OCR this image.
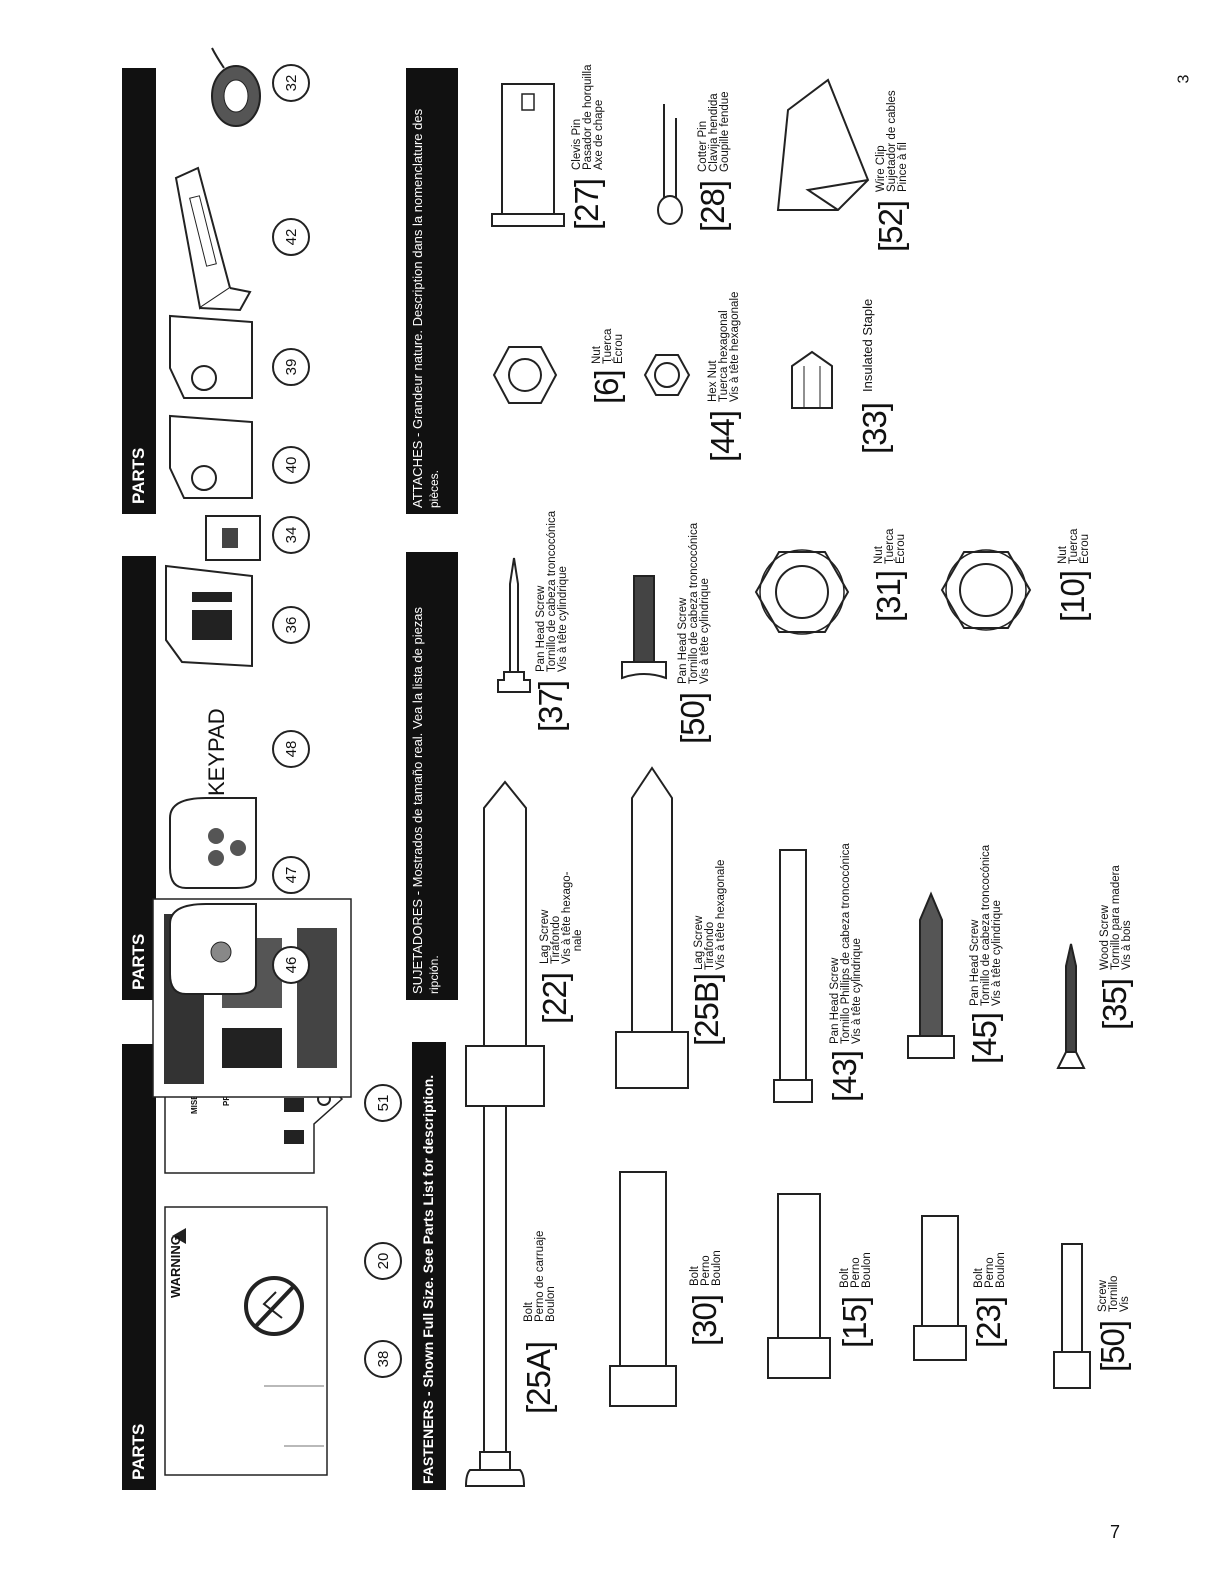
3
7
PARTS
PARTS
PARTS
WARNING
38
20
51
46
47
KEYPAD	48
36
34
40
39
42
32
FASTENERS - Shown Full Size. See Parts List for description.
SUJETADORES - Mostrados de tamaño real. Vea la lista de piezas ripción.
ATTACHES - Grandeur nature. Description dans la nomenclature des pièces.
[25A]
Bolt
Perno de carruaje
Boulon	[30]
Bolt
Perno
Boulon
[15]
Bolt
Perno
Boulon
[23]
Bolt
Perno
Boulon
[50]
Screw
Tornillo
Vis
[22]
Lag Screw
Tirafondo
Vis à tête hexago-
nale
[25B]
Lag Screw
Tirafondo
Vis à tête hexagonale
[43]
Pan Head Screw
Tornillo Phillips de cabeza troncocónica
Vis à tête cylindrique
[45]
Pan Head Screw
Tornillo de cabeza troncocónica
Vis à tête cylindrique
[35]
Wood Screw
Tornillo para madera
Vis à bois
[37]
Pan Head Screw
Tornillo de cabeza troncocónica
Vis à tête cylindrique
[50]
Pan Head Screw
Tornillo de cabeza troncocónica
Vis à tête cylindrique	[31]
Nut
Tuerca
Écrou
[10]
Nut
Tuerca
Écrou
[6]
Nut
Tuerca
Écrou
[44]
Hex Nut
Tuerca hexagonal
Vis à tête hexagonale
[33]
Insulated Staple
[27]
Clevis Pin
Pasador de horquilla
Axe de chape
[28]
Cotter Pin
Clavija hendida
Goupille fendue
[52]
Wire Clip
Sujetador de cables
Pince à fil
